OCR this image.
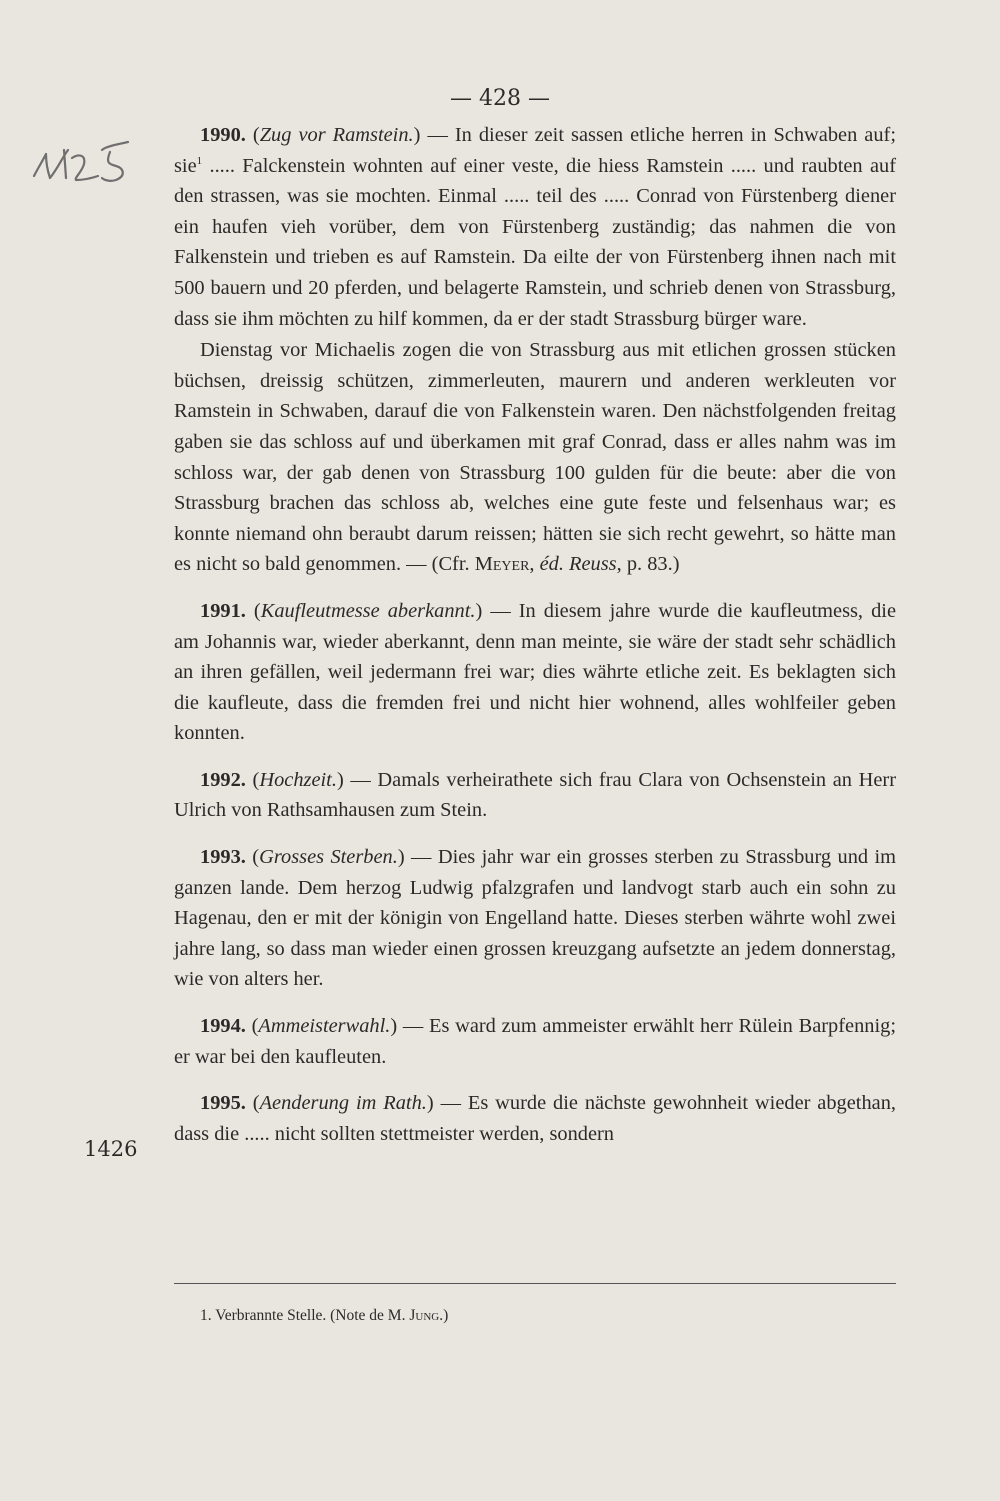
— 428 —
1426

1990. (Zug vor Ramstein.) — In dieser zeit sassen etliche herren in Schwaben auf; sie$^1$ ..... Falckenstein wohnten auf einer veste, die hiess Ramstein ..... und raubten auf den strassen, was sie mochten. Einmal ..... teil des ..... Conrad von Fürstenberg diener ein haufen vieh vorüber, dem von Fürstenberg zuständig; das nahmen die von Falkenstein und trieben es auf Ramstein. Da eilte der von Fürstenberg ihnen nach mit 500 bauern und 20 pferden, und belagerte Ramstein, und schrieb denen von Strassburg, dass sie ihm möchten zu hilf kommen, da er der stadt Strassburg bürger ware.

Dienstag vor Michaelis zogen die von Strassburg aus mit etlichen grossen stücken büchsen, dreissig schützen, zimmerleuten, maurern und anderen werkleuten vor Ramstein in Schwaben, darauf die von Falkenstein waren. Den nächstfolgenden freitag gaben sie das schloss auf und überkamen mit graf Conrad, dass er alles nahm was im schloss war, der gab denen von Strassburg 100 gulden für die beute: aber die von Strassburg brachen das schloss ab, welches eine gute feste und felsenhaus war; es konnte niemand ohn beraubt darum reissen; hätten sie sich recht gewehrt, so hätte man es nicht so bald genommen. — (Cfr. Meyer, éd. Reuss, p. 83.)

1991. (Kaufleutmesse aberkannt.) — In diesem jahre wurde die kaufleutmess, die am Johannis war, wieder aberkannt, denn man meinte, sie wäre der stadt sehr schädlich an ihren gefällen, weil jedermann frei war; dies währte etliche zeit. Es beklagten sich die kaufleute, dass die fremden frei und nicht hier wohnend, alles wohlfeiler geben konnten.

1992. (Hochzeit.) — Damals verheirathete sich frau Clara von Ochsenstein an Herr Ulrich von Rathsamhausen zum Stein.

1993. (Grosses Sterben.) — Dies jahr war ein grosses sterben zu Strassburg und im ganzen lande. Dem herzog Ludwig pfalzgrafen und landvogt starb auch ein sohn zu Hagenau, den er mit der königin von Engelland hatte. Dieses sterben währte wohl zwei jahre lang, so dass man wieder einen grossen kreuzgang aufsetzte an jedem donnerstag, wie von alters her.

1994. (Ammeisterwahl.) — Es ward zum ammeister erwählt herr Rülein Barpfennig; er war bei den kaufleuten.

1995. (Aenderung im Rath.) — Es wurde die nächste gewohnheit wieder abgethan, dass die ..... nicht sollten stettmeister werden, sondern

1. Verbrannte Stelle. (Note de M. Jung.)
